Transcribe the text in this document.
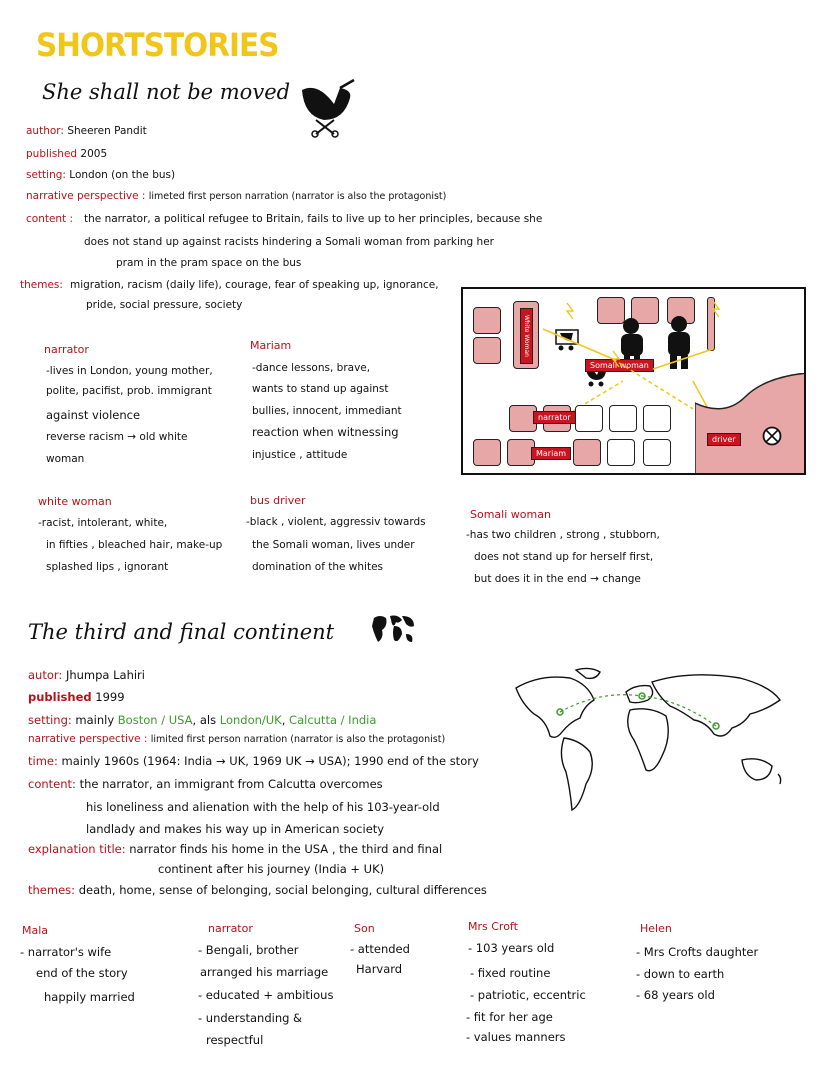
SHORTSTORIES
She shall not be moved
author: Sheeren Pandit
published 2005
setting: London (on the bus)
narrative perspective : limeted first person narration (narrator is also the protagonist)
content : the narrator, a political refugee to Britain, fails to live up to her principles, because she
does not stand up against racists hindering a Somali woman from parking her
pram in the pram space on the bus
themes: migration, racism (daily life), courage, fear of speaking up, ignorance,
pride, social pressure, society
White Woman
Somali woman
narrator
Mariam
driver
narrator
-lives in London, young mother,
polite, pacifist, prob. immigrant
against violence
reverse racism → old white
woman
Mariam
-dance lessons, brave,
wants to stand up against
bullies, innocent, immediant
reaction when witnessing
injustice , attitude
white woman
-racist, intolerant, white,
in fifties , bleached hair, make-up
splashed lips , ignorant
bus driver
-black , violent, aggressiv towards
the Somali woman, lives under
domination of the whites
Somali woman
-has two children , strong , stubborn,
does not stand up for herself first,
but does it in the end → change
The third and final continent
autor: Jhumpa Lahiri
published 1999
setting: mainly Boston / USA, als London/UK, Calcutta / India
narrative perspective : limited first person narration (narrator is also the protagonist)
time: mainly 1960s (1964: India → UK, 1969 UK → USA); 1990 end of the story
content: the narrator, an immigrant from Calcutta overcomes
his loneliness and alienation with the help of his 103-year-old
landlady and makes his way up in American society
explanation title: narrator finds his home in the USA , the third and final
continent after his journey (India + UK)
themes: death, home, sense of belonging, social belonging, cultural differences
Mala
- narrator's wife
end of the story
happily married
narrator
- Bengali, brother
arranged his marriage
- educated + ambitious
- understanding &
respectful
Son
- attended
Harvard
Mrs Croft
- 103 years old
- fixed routine
- patriotic, eccentric
- fit for her age
- values manners
Helen
- Mrs Crofts daughter
- down to earth
- 68 years old
